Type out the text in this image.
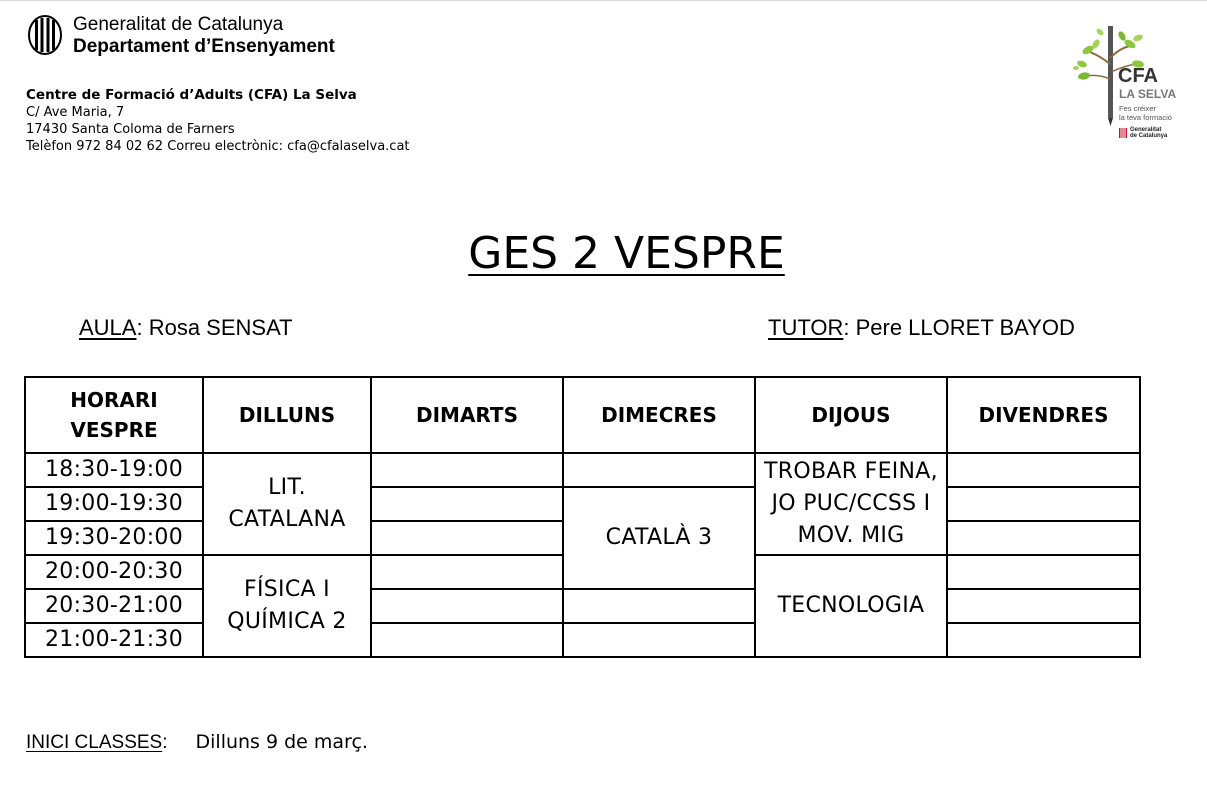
Generalitat de Catalunya
Departament d’Ensenyament
Centre de Formació d’Adults (CFA) La Selva
C/ Ave Maria, 7
17430 Santa Coloma de Farners
Telèfon 972 84 02 62 Correu electrònic: cfa@cfalaselva.cat
CFA
LA SELVA
Fes créixer
la teva formació
Generalitat
de Catalunya
GES 2 VESPRE
AULA: Rosa SENSAT	TUTOR: Pere LLORET BAYOD
HORARI VESPRE	DILLUNS	DIMARTS	DIMECRES	DIJOUS	DIVENDRES
18:30-19:00	LIT. CATALANA			TROBAR FEINA, JO PUC/CCSS I MOV. MIG	
19:00-19:30			CATALÀ 3		
19:30-20:00					
20:00-20:30	FÍSICA I QUÍMICA 2			TECNOLOGIA	
20:30-21:00					
21:00-21:30					
INICI CLASSES: Dilluns 9 de març.
